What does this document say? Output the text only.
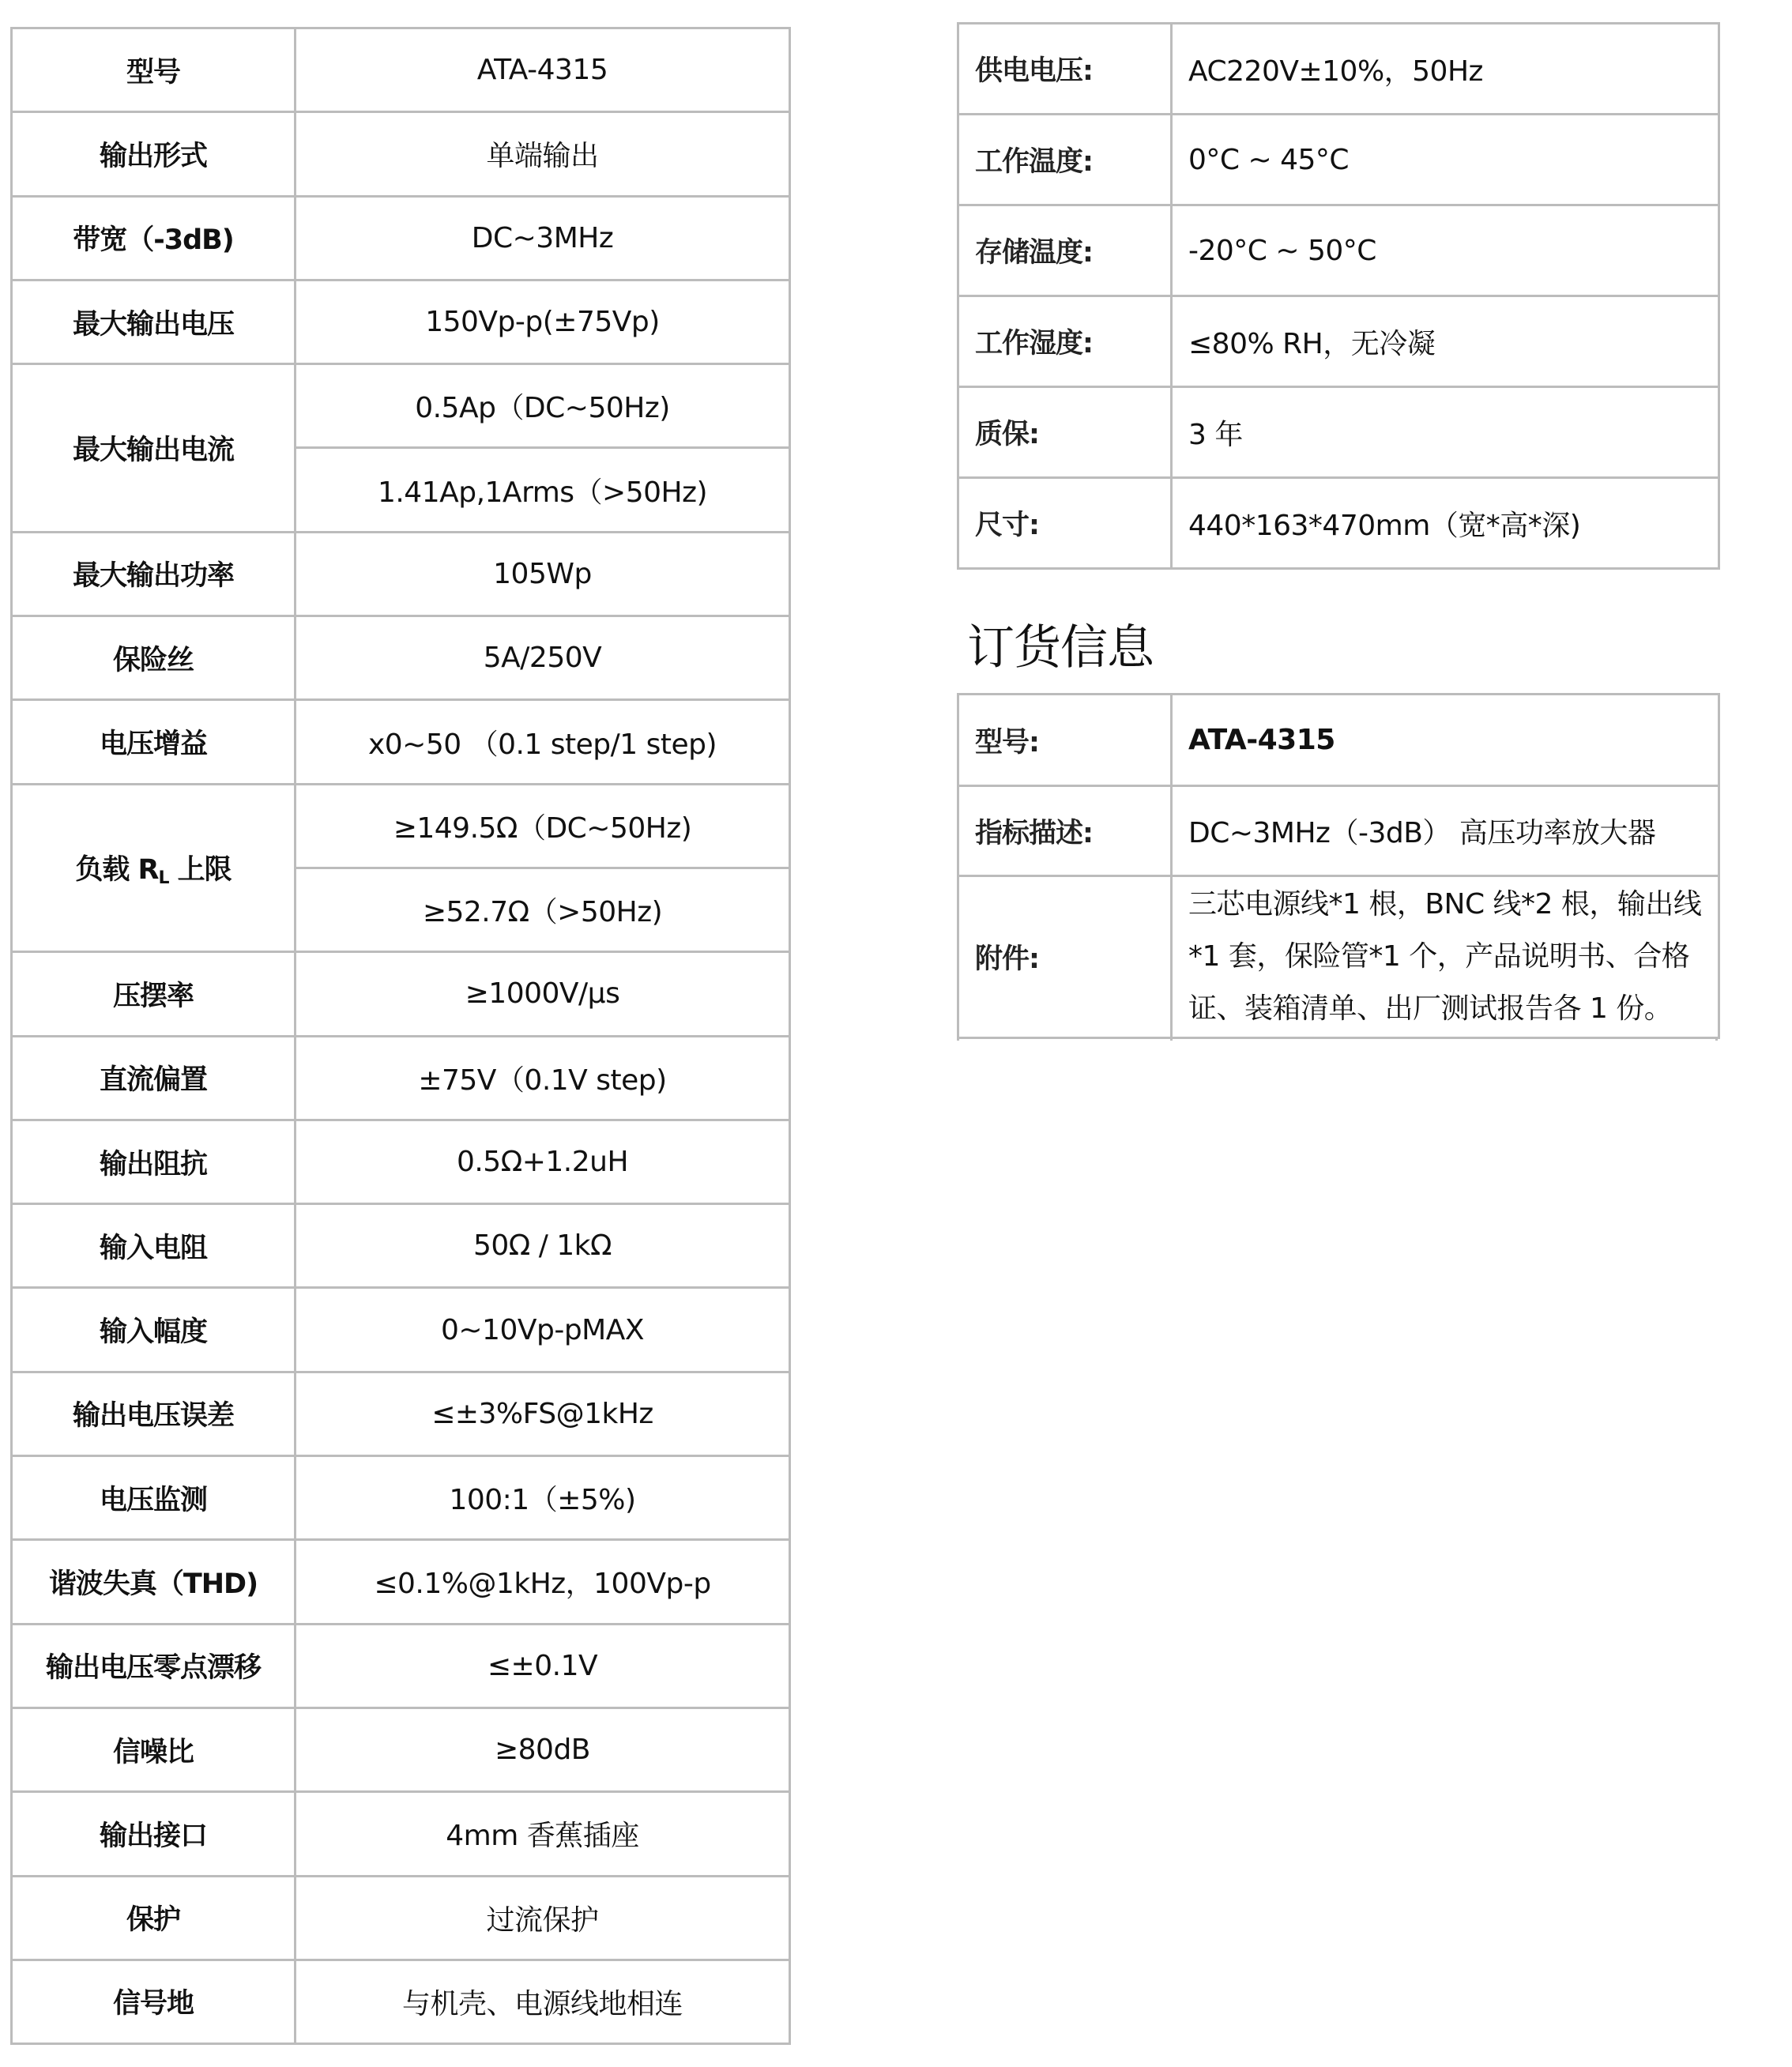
型号	ATA-4315
输出形式	单端输出
带宽（-3dB)	DC~3MHz
最大输出电压	150Vp-p(±75Vp)
最大输出电流	0.5Ap（DC~50Hz)
	1.41Ap,1Arms（>50Hz)
最大输出功率	105Wp
保险丝	5A/250V
电压增益	x0~50 （0.1 step/1 step)
负载 $R_L$ 上限	≥149.5Ω（DC~50Hz)
	≥52.7Ω（>50Hz)
压摆率	≥1000V/μs
直流偏置	±75V（0.1V step)
输出阻抗	0.5Ω+1.2uH
输入电阻	50Ω / 1kΩ
输入幅度	0~10Vp-pMAX
输出电压误差	≤±3%FS@1kHz
电压监测	100:1（±5%)
谐波失真（THD)	≤0.1%@1kHz，100Vp-p
输出电压零点漂移	≤±0.1V
信噪比	≥80dB
输出接口	4mm 香蕉插座
保护	过流保护
信号地	与机壳、电源线地相连
供电电压:	AC220V±10%，50Hz
工作温度:	0°C ~ 45°C
存储温度:	-20°C ~ 50°C
工作湿度:	≤80% RH，无冷凝
质保:	3 年
尺寸:	440*163*470mm（宽*高*深)
订货信息
型号:	ATA-4315
指标描述:	DC~3MHz（-3dB） 高压功率放大器
附件:	三芯电源线*1 根，BNC 线*2 根，输出线
*1 套，保险管*1 个，产品说明书、合格
证、装箱清单、出厂测试报告各 1 份。
